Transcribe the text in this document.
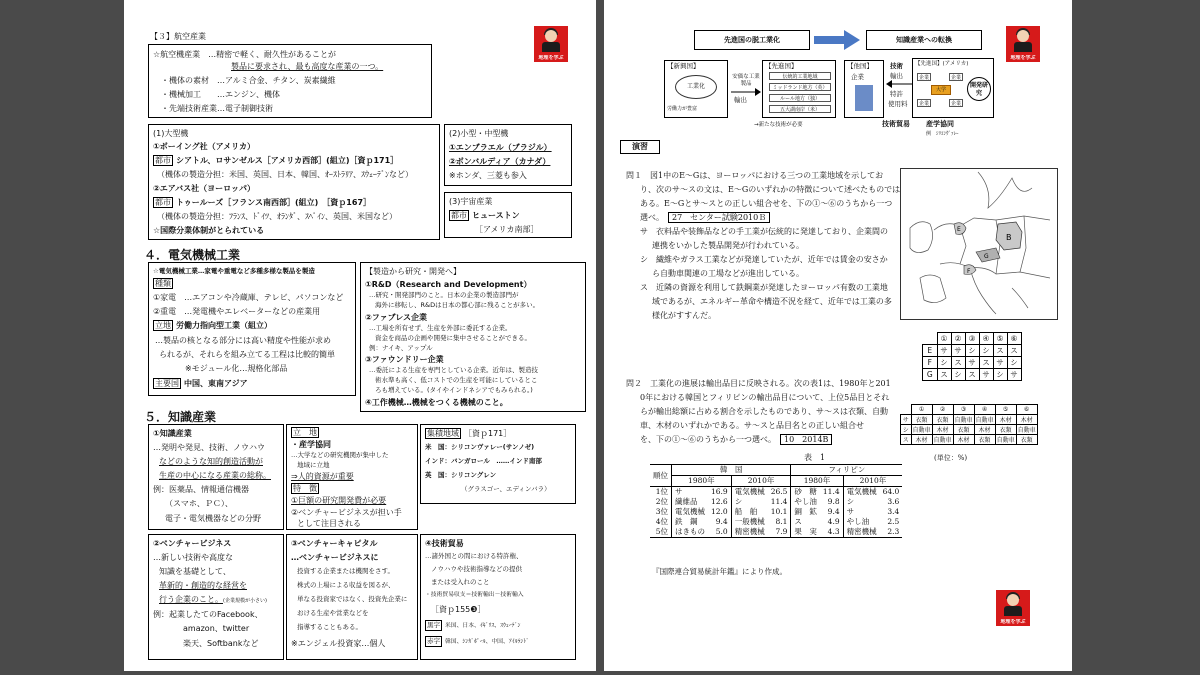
地理を学ぶ
【３】航空産業
☆航空機産業　…精密で軽く、耐久性があることが
製品に要求され、最も高度な産業の一つ。
・機体の素材　…アルミ合金、チタン、炭素繊維
・機械加工　　…エンジン、機体
・先端技術産業…電子制御技術
(1)大型機
①ボーイング社（アメリカ）
都市 シアトル、ロサンゼルス［アメリカ西部］(組立)［資ｐ171］
（機体の製造分担：米国、英国、日本、韓国、ｵｰｽﾄﾗﾘｱ、ｽｳｪｰﾃﾞﾝなど）
②エアバス社（ヨーロッパ）
都市 トゥールーズ［フランス南西部］(組立)　［資ｐ167］
（機体の製造分担：ﾌﾗﾝｽ、ﾄﾞｲﾂ、ｵﾗﾝﾀﾞ、ｽﾍﾟｲﾝ、英国、米国など）
☆国際分業体制がとられている
(2)小型・中型機
①エンブラエル（ブラジル）
②ボンバルディア（カナダ）
※ホンダ、三菱も参入
(3)宇宙産業
都市 ヒューストン
［アメリカ南部］
４．電気機械工業
☆電気機械工業…家電や重電など多種多様な製品を製造
種類
①家電　…エアコンや冷蔵庫、テレビ、パソコンなど
②重電　…発電機やエレベーターなどの産業用
立地 労働力指向型工業（組立）
…製品の核となる部分には高い精度や性能が求め
られるが、それらを組み立てる工程は比較的簡単
※モジュール化…規格化部品
主要国 中国、東南アジア
【製造から研究・開発へ】
①R&D（Research and Development）
…研究・開発部門のこと。日本の企業の製造部門が
海外に移転し、R&Dは日本の都心部に残ることが多い。
②ファブレス企業
…工場を所有せず、生産を外部に委託する企業。
資金を商品の企画や開発に集中させることができる。
例：ナイキ、アップル
③ファウンドリー企業
…委託による生産を専門としている企業。近年は、製造技
術水準も高く、低コストでの生産を可能にしているとこ
ろも増えている。(タイやインドネシアでもみられる。)
④工作機械…機械をつくる機械のこと。
５．知識産業
①知識産業
…発明や発見、技術、ノウハウ
などのような知的創造活動が
生産の中心になる産業の総称。
例：医薬品、情報通信機器
（スマホ、ＰＣ）、
電子・電気機器などの分野
立　地
・産学協同
…大学などの研究機関が集中した
地域に立地
⇒人的資源が重要
特　徴
①巨額の研究開発費が必要
②ベンチャービジネスが担い手
として注目される
集積地域 ［資ｐ171］
米　国：シリコンヴァレー(サンノゼ)
インド：バンガロール　……インド南部
英　国：シリコングレン
（グラスゴー、エディンバラ）
②ベンチャービジネス
…新しい技術や高度な
知識を基礎として、
革新的・創造的な経営を
行う企業のこと。(企業規模が小さい)
例：起業したてのFacebook、
amazon、twitter
楽天、Softbankなど
③ベンチャーキャピタル
…ベンチャービジネスに
投資する企業または機関をさす。
株式の上場による収益を図るが、
単なる投資家ではなく、投資先企業に
おける生産や営業などを
指導することもある。
※エンジェル投資家…個人
④技術貿易
…諸外国との間における特許権、
ノウハウや技術指導などの提供
または受入れのこと
・技術貿易収支＝技術輸出－技術輸入
［資ｐ155❸］
黒字 米国、日本、ｲｷﾞﾘｽ、ｽｳｪｰﾃﾞﾝ
赤字 韓国、ｼﾝｶﾞﾎﾟｰﾙ、中国、ｱｲﾙﾗﾝﾄﾞ
地理を学ぶ
地理を学ぶ
先進国の脱工業化	知識産業への転換
【新興国】
工業化
労働力が豊富
安価な工業製品
輸出
【先進国】
伝統的工業地域
ミッドランド地方（英）
ルール地方（独）
五大湖南岸（米）
→新たな技術が必要
【他国】
企業
技術
輸出
特許
使用料
技術貿易
【先進国】(アメリカ)
企業	企業
企業	企業
大学
開発研究
産学協同
例　ｼﾘｺﾝｳﾞｧﾚｰ
演習
問１　図1中のE～Gは、ヨーロッパにおける三つの工業地域を示してお
り、次のサ～スの文は、E～Gのいずれかの特徴について述べたものでは
ある。E～Gとサ～スとの正しい組合せを、下の①～⑥のうちから一つ
選べ。 27　センター試験2010Ｂ
サ　衣料品や装飾品などの手工業が伝統的に発達しており、企業間の
連携をいかした製品開発が行われている。
シ　繊維やガラス工業などが発達していたが、近年では賃金の安さか
ら自動車関連の工場などが進出している。
ス　近隣の資源を利用して鉄鋼業が発達したヨーロッパ有数の工業地
域であるが、エネルギー革命や構造不況を経て、近年では工業の多
様化がすすんだ。
B
E
G
F
	①	②	③	④	⑤	⑥
E	サ	サ	シ	シ	ス	ス
F	シ	ス	サ	ス	サ	シ
G	ス	シ	ス	サ	シ	サ
問２　工業化の進展は輸出品目に反映される。次の表1は、1980年と201
0年における韓国とフィリピンの輸出品目について、上位5品目とそれ
らが輸出総額に占める割合を示したものであり、サ～スは衣類、自動
車、木材のいずれかである。サ～スと品目名との正しい組合せ
を、下の①～⑥のうちから一つ選べ。 10　2014B
	①	②	③	④	⑤	⑥
サ	衣類	衣類	自動車	自動車	木材	木材
シ	自動車	木材	衣類	木材	衣類	自動車
ス	木材	自動車	木材	衣類	自動車	衣類
表　1	(単位：%)
順位	韓　国				フィリピン			
	1980年		2010年		1980年		2010年	
1位	サ	16.9	電気機械	26.5	砂　糖	11.4	電気機械	64.0
2位	繊維品	12.6	シ	11.4	やし油	9.8	シ	3.6
3位	電気機械	12.0	船　舶	10.1	銅　鉱	9.4	サ	3.4
4位	鉄　鋼	9.4	一般機械	8.1	ス	4.9	やし油	2.5
5位	はきもの	5.0	精密機械	7.9	果　実	4.3	精密機械	2.3
『国際連合貿易統計年鑑』により作成。
